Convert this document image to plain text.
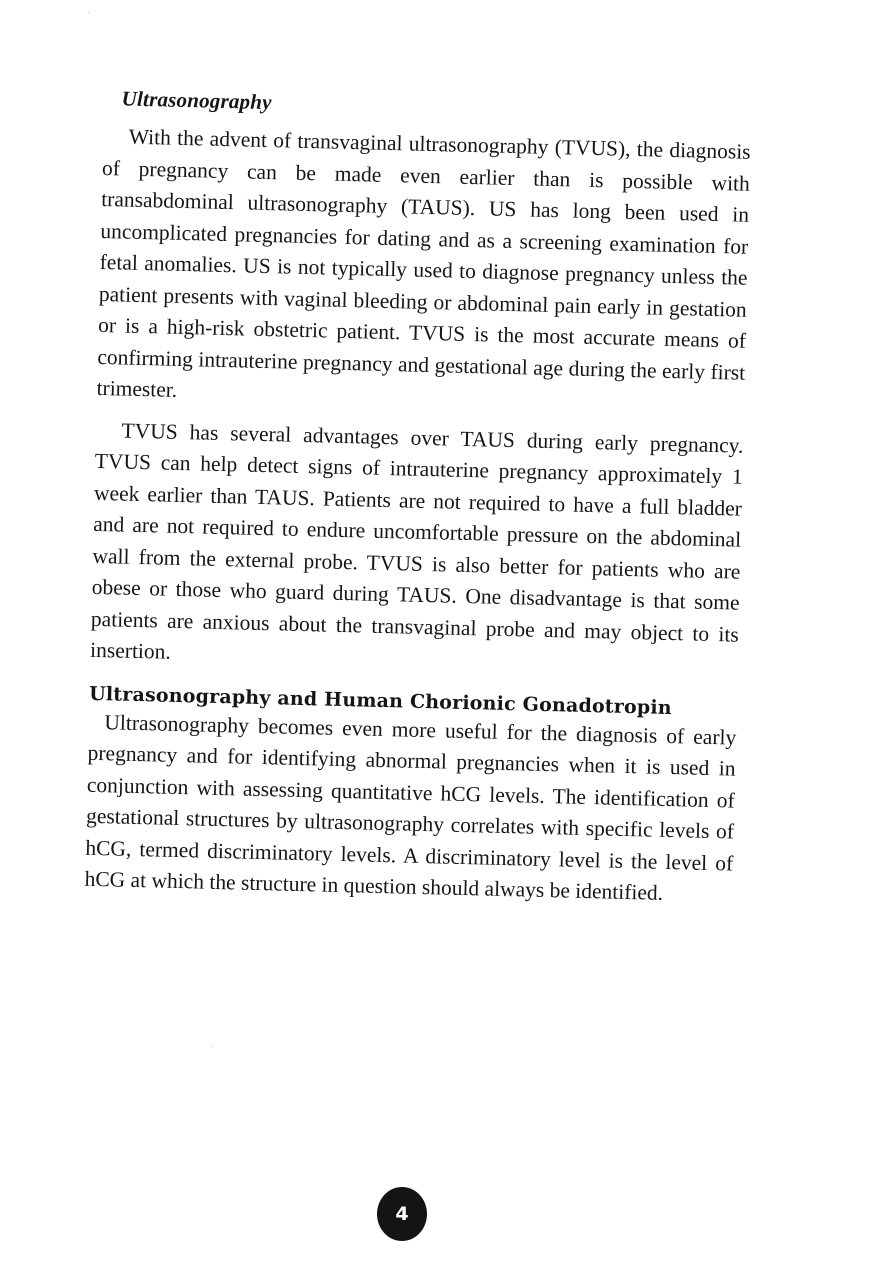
Ultrasonography

With the advent of transvaginal ultrasonography (TVUS), the diagnosis of pregnancy can be made even earlier than is possible with transabdominal ultrasonography (TAUS). US has long been used in uncomplicated pregnancies for dating and as a screening examination for fetal anomalies. US is not typically used to diagnose pregnancy unless the patient presents with vaginal bleeding or abdominal pain early in gestation or is a high-risk obstetric patient. TVUS is the most accurate means of confirming intrauterine pregnancy and gestational age during the early first trimester.

TVUS has several advantages over TAUS during early pregnancy. TVUS can help detect signs of intrauterine pregnancy approximately 1 week earlier than TAUS. Patients are not required to have a full bladder and are not required to endure uncomfortable pressure on the abdominal wall from the external probe. TVUS is also better for patients who are obese or those who guard during TAUS. One disadvantage is that some patients are anxious about the transvaginal probe and may object to its insertion.

Ultrasonography and Human Chorionic Gonadotropin

Ultrasonography becomes even more useful for the diagnosis of early pregnancy and for identifying abnormal pregnancies when it is used in conjunction with assessing quantitative hCG levels. The identification of gestational structures by ultrasonography correlates with specific levels of hCG, termed discriminatory levels. A discriminatory level is the level of hCG at which the structure in question should always be identified.

4
